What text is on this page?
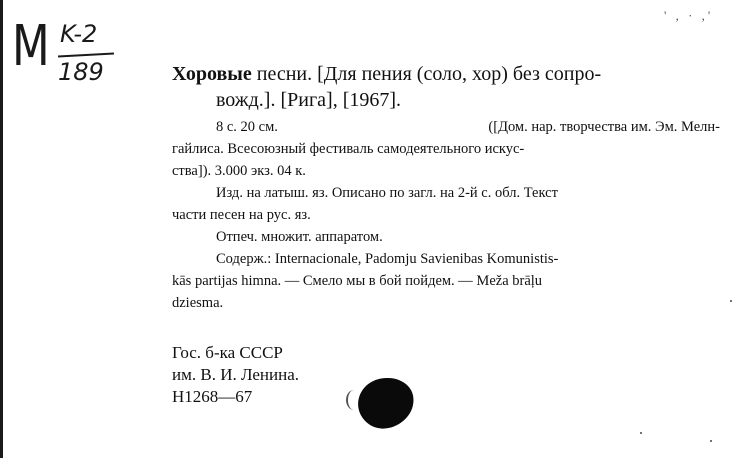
М K-2
189
' , · ,'
Хоровые песни. [Для пения (соло, хор) без сопро-
вожд.]. [Рига], [1967].
8 с. 20 см.	([Дом. нар. творчества им. Эм. Мелн-
гайлиса. Всесоюзный фестиваль самодеятельного искус-
ства]). 3.000 экз. 04 к.
Изд. на латыш. яз. Описано по загл. на 2-й с. обл. Текст
части песен на рус. яз.
Отпеч. множит. аппаратом.
Содерж.: Internacionale, Padomju Savienibas Komunistis-
kās partijas himna. — Смело мы в бой пойдем. — Meža brāļu
dziesma.
Гос. б-ка СССР
им. В. И. Ленина.
Н1268—67
